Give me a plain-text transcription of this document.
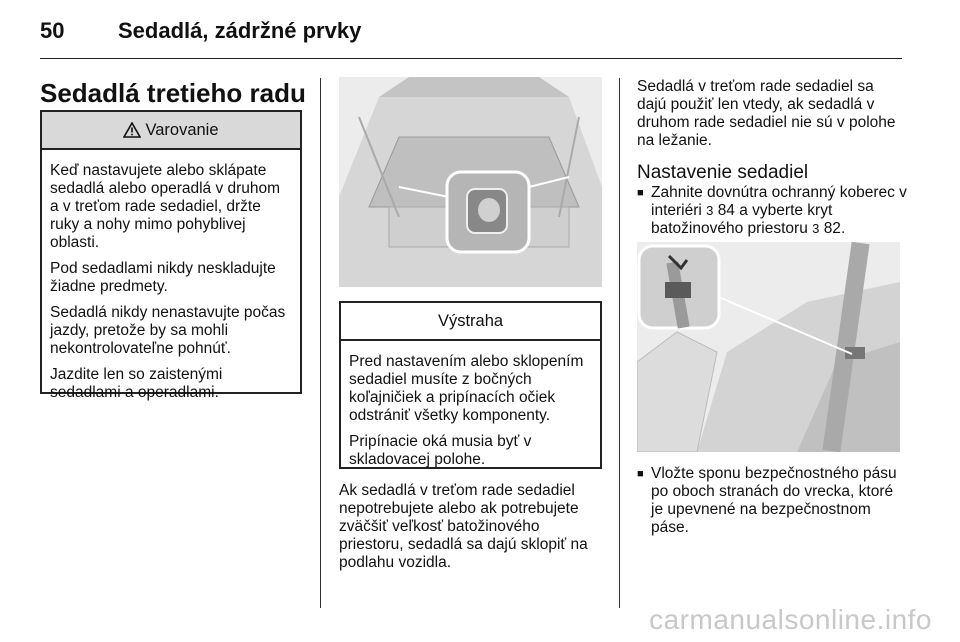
50 Sedadlá, zádržné prvky
Sedadlá tretieho radu
Varovanie

Keď nastavujete alebo sklápate sedadlá alebo operadlá v druhom a v treťom rade sedadiel, držte ruky a nohy mimo pohyblivej oblasti.

Pod sedadlami nikdy neskladujte žiadne predmety.

Sedadlá nikdy nenastavujte počas jazdy, pretože by sa mohli nekontrolovateľne pohnúť.

Jazdite len so zaistenými sedadlami a operadlami.

Výstraha

Pred nastavením alebo sklopením sedadiel musíte z bočných koľajničiek a pripínacích očiek odstrániť všetky komponenty.

Pripínacie oká musia byť v skladovacej polohe.

Ak sedadlá v treťom rade sedadiel nepotrebujete alebo ak potrebujete zväčšiť veľkosť batožinového priestoru, sedadlá sa dajú sklopiť na podlahu vozidla.

Sedadlá v treťom rade sedadiel sa dajú použiť len vtedy, ak sedadlá v druhom rade sedadiel nie sú v polohe na ležanie.

Nastavenie sedadiel
■ Zahnite dovnútra ochranný koberec v interiéri 3 84 a vyberte kryt batožinového priestoru 3 82.
■ Vložte sponu bezpečnostného pásu po oboch stranách do vrecka, ktoré je upevnené na bezpečnostnom páse.
carmanualsonline.info
